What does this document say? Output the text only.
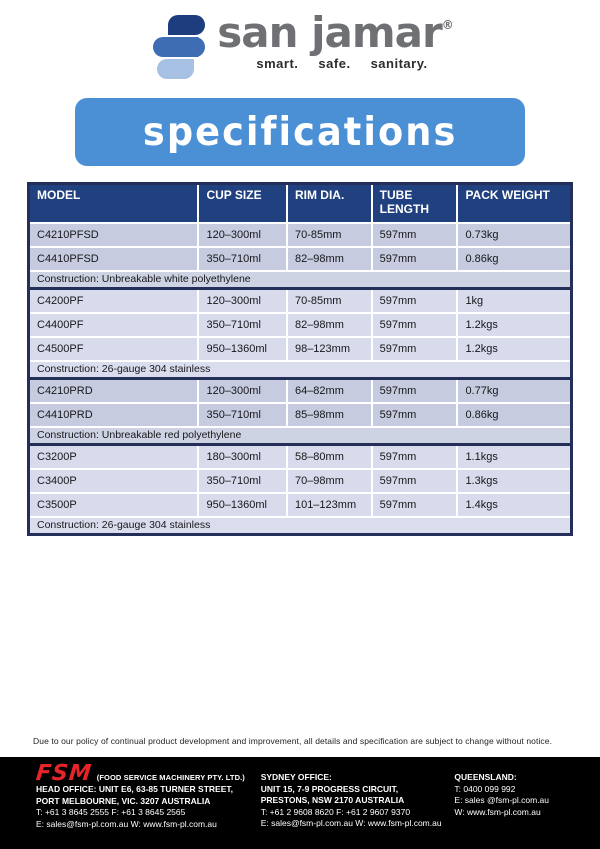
san jamar®
smart. safe. sanitary.
specifications
MODEL	CUP SIZE	RIM DIA.	TUBE LENGTH	PACK WEIGHT
C4210PFSD	120–300ml	70-85mm	597mm	0.73kg
C4410PFSD	350–710ml	82–98mm	597mm	0.86kg
Construction: Unbreakable white polyethylene				
C4200PF	120–300ml	70-85mm	597mm	1kg
C4400PF	350–710ml	82–98mm	597mm	1.2kgs
C4500PF	950–1360ml	98–123mm	597mm	1.2kgs
Construction: 26-gauge 304 stainless				
C4210PRD	120–300ml	64–82mm	597mm	0.77kg
C4410PRD	350–710ml	85–98mm	597mm	0.86kg
Construction: Unbreakable red polyethylene				
C3200P	180–300ml	58–80mm	597mm	1.1kgs
C3400P	350–710ml	70–98mm	597mm	1.3kgs
C3500P	950–1360ml	101–123mm	597mm	1.4kgs
Construction: 26-gauge 304 stainless				
Due to our policy of continual product development and improvement, all details and specification are subject to change without notice.
FSM (FOOD SERVICE MACHINERY PTY. LTD.)
HEAD OFFICE: UNIT E6, 63-85 TURNER STREET,
PORT MELBOURNE, VIC. 3207 AUSTRALIA
T: +61 3 8645 2555 F: +61 3 8645 2565
E: sales@fsm-pl.com.au W: www.fsm-pl.com.au
SYDNEY OFFICE:
UNIT 15, 7-9 PROGRESS CIRCUIT,
PRESTONS, NSW 2170 AUSTRALIA
T: +61 2 9608 8620 F: +61 2 9607 9370
E: sales@fsm-pl.com.au W: www.fsm-pl.com.au
QUEENSLAND:
T: 0400 099 992
E: sales @fsm-pl.com.au
W: www.fsm-pl.com.au
